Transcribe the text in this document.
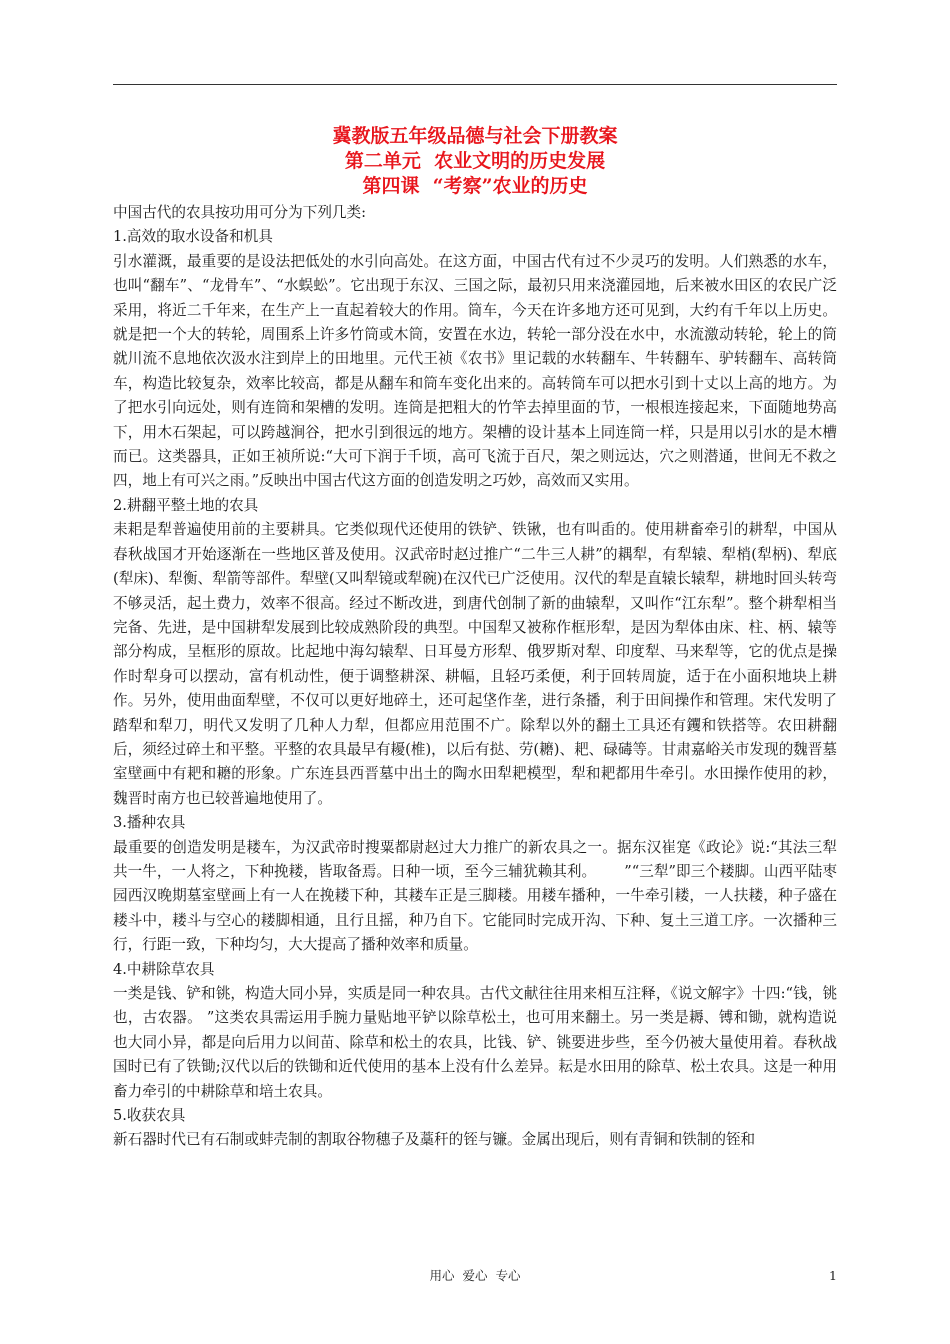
冀教版五年级品德与社会下册教案
第二单元  农业文明的历史发展
第四课  “考察”农业的历史

中国古代的农具按功用可分为下列几类:

1.高效的取水设备和机具

引水灌溉，最重要的是设法把低处的水引向高处。在这方面，中国古代有过不少灵巧的发明。人们熟悉的水车，也叫“翻车”、“龙骨车”、“水蜈蚣”。它出现于东汉、三国之际，最初只用来浇灌园地，后来被水田区的农民广泛采用，将近二千年来，在生产上一直起着较大的作用。筒车，今天在许多地方还可见到，大约有千年以上历史。就是把一个大的转轮，周围系上许多竹筒或木筒，安置在水边，转轮一部分没在水中，水流激动转轮，轮上的筒就川流不息地依次汲水注到岸上的田地里。元代王祯《农书》里记载的水转翻车、牛转翻车、驴转翻车、高转筒车，构造比较复杂，效率比较高，都是从翻车和筒车变化出来的。高转筒车可以把水引到十丈以上高的地方。为了把水引向远处，则有连筒和架槽的发明。连筒是把粗大的竹竿去掉里面的节，一根根连接起来，下面随地势高下，用木石架起，可以跨越涧谷，把水引到很远的地方。架槽的设计基本上同连筒一样，只是用以引水的是木槽而已。这类器具，正如王祯所说:“大可下润于千顷，高可飞流于百尺，架之则远达，穴之则潜通，世间无不救之四，地上有可兴之雨。”反映出中国古代这方面的创造发明之巧妙，高效而又实用。

2.耕翻平整土地的农具

耒耜是犁普遍使用前的主要耕具。它类似现代还使用的铁铲、铁锹，也有叫臿的。使用耕畜牵引的耕犁，中国从春秋战国才开始逐渐在一些地区普及使用。汉武帝时赵过推广“二牛三人耕”的耦犁，有犁辕、犁梢(犁柄)、犁底(犁床)、犁衡、犁箭等部件。犁壁(又叫犁镜或犁碗)在汉代已广泛使用。汉代的犁是直辕长辕犁，耕地时回头转弯不够灵活，起土费力，效率不很高。经过不断改进，到唐代创制了新的曲辕犁，又叫作“江东犁”。整个耕犁相当完备、先进，是中国耕犁发展到比较成熟阶段的典型。中国犁又被称作框形犁，是因为犁体由床、柱、柄、辕等部分构成，呈框形的原故。比起地中海勾辕犁、日耳曼方形犁、俄罗斯对犁、印度犁、马来犁等，它的优点是操作时犁身可以摆动，富有机动性，便于调整耕深、耕幅，且轻巧柔便，利于回转周旋，适于在小面积地块上耕作。另外，使用曲面犁壁，不仅可以更好地碎土，还可起垡作垄，进行条播，利于田间操作和管理。宋代发明了踏犁和犁刀，明代又发明了几种人力犁，但都应用范围不广。除犁以外的翻土工具还有钁和铁搭等。农田耕翻后，须经过碎土和平整。平整的农具最早有耰(椎)，以后有挞、劳(耱)、耙、碌碡等。甘肃嘉峪关市发现的魏晋墓室壁画中有耙和耱的形象。广东连县西晋墓中出土的陶水田犁耙模型，犁和耙都用牛牵引。水田操作使用的耖，魏晋时南方也已较普遍地使用了。

3.播种农具

最重要的创造发明是耧车，为汉武帝时搜粟都尉赵过大力推广的新农具之一。据东汉崔寔《政论》说:“其法三犁共一牛，一人将之，下种挽耧，皆取备焉。日种一顷，至今三辅犹赖其利。      ”“三犁”即三个耧脚。山西平陆枣园西汉晚期墓室壁画上有一人在挽耧下种，其耧车正是三脚耧。用耧车播种，一牛牵引耧，一人扶耧，种子盛在耧斗中，耧斗与空心的耧脚相通，且行且摇，种乃自下。它能同时完成开沟、下种、复土三道工序。一次播种三行，行距一致，下种均匀，大大提高了播种效率和质量。

4.中耕除草农具

一类是钱、铲和铫，构造大同小异，实质是同一种农具。古代文献往往用来相互注释，《说文解字》十四:“钱，铫也，古农器。 ”这类农具需运用手腕力量贴地平铲以除草松土，也可用来翻土。另一类是耨、镈和锄，就构造说也大同小异，都是向后用力以间苗、除草和松土的农具，比钱、铲、铫要进步些，至今仍被大量使用着。春秋战国时已有了铁锄;汉代以后的铁锄和近代使用的基本上没有什么差异。耘是水田用的除草、松土农具。这是一种用畜力牵引的中耕除草和培土农具。

5.收获农具

新石器时代已有石制或蚌壳制的割取谷物穗子及藁秆的铚与镰。金属出现后，则有青铜和铁制的铚和

用心  爱心  专心	1
